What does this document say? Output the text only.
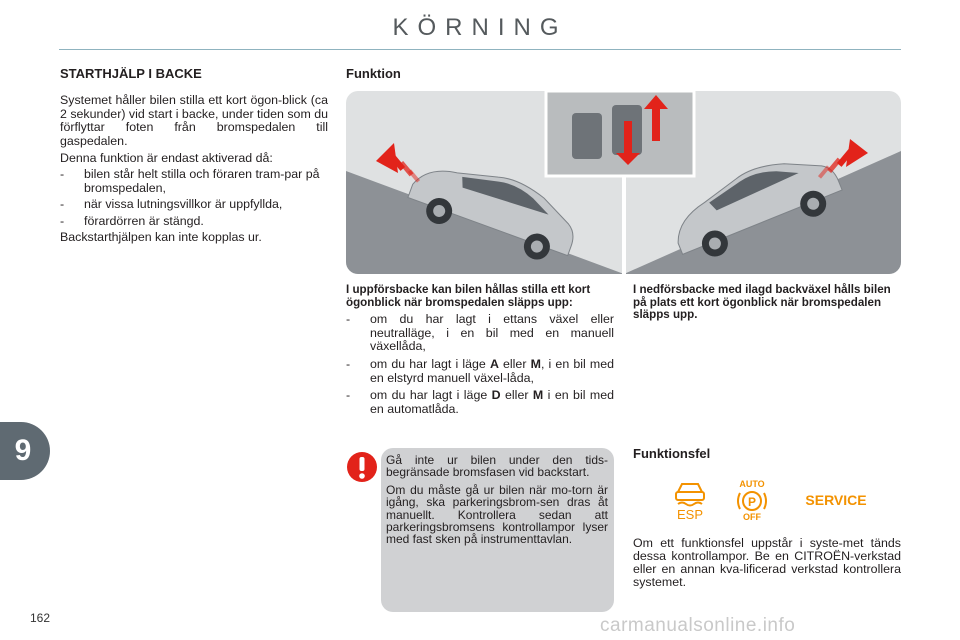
KÖRNING
STARTHJÄLP I BACKE

Systemet håller bilen stilla ett kort ögon-blick (ca 2 sekunder) vid start i backe, under tiden som du förflyttar foten från bromspedalen till gaspedalen.

Denna funktion är endast aktiverad då:

-	bilen står helt stilla och föraren tram-par på bromspedalen,
-	när vissa lutningsvillkor är uppfyllda,
-	förardörren är stängd.

Backstarthjälpen kan inte kopplas ur.

Funktion
I uppförsbacke kan bilen hållas stilla ett kort ögonblick när bromspedalen släpps upp:
-	om du har lagt i ettans växel eller neutralläge, i en bil med en manuell växellåda,
-	om du har lagt i läge A eller M, i en bil med en elstyrd manuell växel-låda,
-	om du har lagt i läge D eller M i en bil med en automatlåda.
I nedförsbacke med ilagd backväxel hålls bilen på plats ett kort ögonblick när bromspedalen släpps upp.

Gå inte ur bilen under den tids-begränsade bromsfasen vid backstart.

Om du måste gå ur bilen när mo-torn är igång, ska parkeringsbrom-sen dras åt manuellt. Kontrollera sedan att parkeringsbromsens kontrollampor lyser med fast sken på instrumenttavlan.

Funktionsfel
ESP
AUTO
P
OFF
SERVICE
Om ett funktionsfel uppstår i syste-met tänds dessa kontrollampor. Be en CITROËN-verkstad eller en annan kva-lificerad verkstad kontrollera systemet.
9
162	carmanualsonline.info
